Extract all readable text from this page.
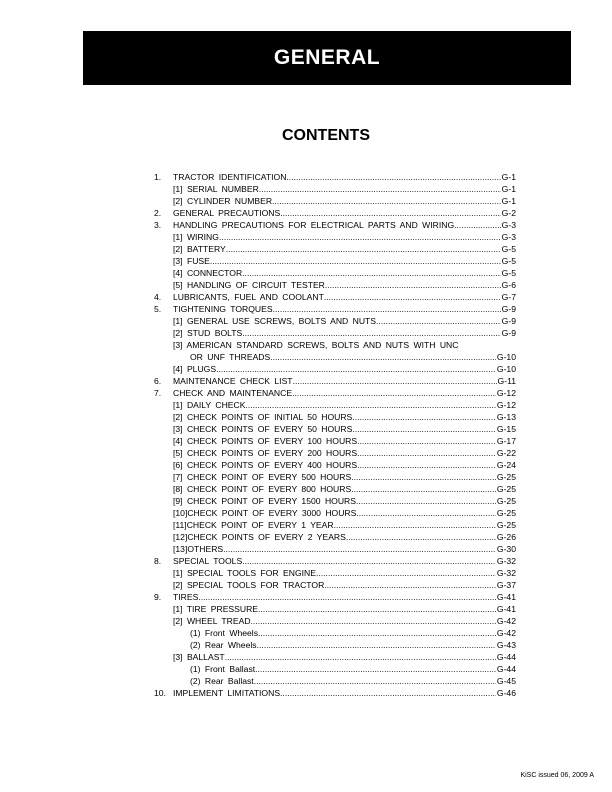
GENERAL
CONTENTS
1. TRACTOR IDENTIFICATION .....	G-1
[1] SERIAL NUMBER .....	G-1
[2] CYLINDER NUMBER .....	G-1
2. GENERAL PRECAUTIONS .....	G-2
3. HANDLING PRECAUTIONS FOR ELECTRICAL PARTS AND WIRING .....	G-3
[1] WIRING .....	G-3
[2] BATTERY .....	G-5
[3] FUSE .....	G-5
[4] CONNECTOR .....	G-5
[5] HANDLING OF CIRCUIT TESTER .....	G-6
4. LUBRICANTS, FUEL AND COOLANT .....	G-7
5. TIGHTENING TORQUES .....	G-9
[1] GENERAL USE SCREWS, BOLTS AND NUTS .....	G-9
[2] STUD BOLTS .....	G-9
[3] AMERICAN STANDARD SCREWS, BOLTS AND NUTS WITH UNC
OR UNF THREADS .....	G-10
[4] PLUGS .....	G-10
6. MAINTENANCE CHECK LIST .....	G-11
7. CHECK AND MAINTENANCE .....	G-12
[1] DAILY CHECK .....	G-12
[2] CHECK POINTS OF INITIAL 50 HOURS .....	G-13
[3] CHECK POINTS OF EVERY 50 HOURS .....	G-15
[4] CHECK POINTS OF EVERY 100 HOURS .....	G-17
[5] CHECK POINTS OF EVERY 200 HOURS .....	G-22
[6] CHECK POINTS OF EVERY 400 HOURS .....	G-24
[7] CHECK POINT OF EVERY 500 HOURS .....	G-25
[8] CHECK POINT OF EVERY 800 HOURS .....	G-25
[9] CHECK POINT OF EVERY 1500 HOURS .....	G-25
[10]CHECK POINT OF EVERY 3000 HOURS .....	G-25
[11]CHECK POINT OF EVERY 1 YEAR .....	G-25
[12]CHECK POINTS OF EVERY 2 YEARS .....	G-26
[13]OTHERS .....	G-30
8. SPECIAL TOOLS .....	G-32
[1] SPECIAL TOOLS FOR ENGINE .....	G-32
[2] SPECIAL TOOLS FOR TRACTOR .....	G-37
9. TIRES .....	G-41
[1] TIRE PRESSURE .....	G-41
[2] WHEEL TREAD .....	G-42
(1) Front Wheels .....	G-42
(2) Rear Wheels .....	G-43
[3] BALLAST .....	G-44
(1) Front Ballast .....	G-44
(2) Rear Ballast .....	G-45
10. IMPLEMENT LIMITATIONS .....	G-46
KiSC issued 06, 2009 A
